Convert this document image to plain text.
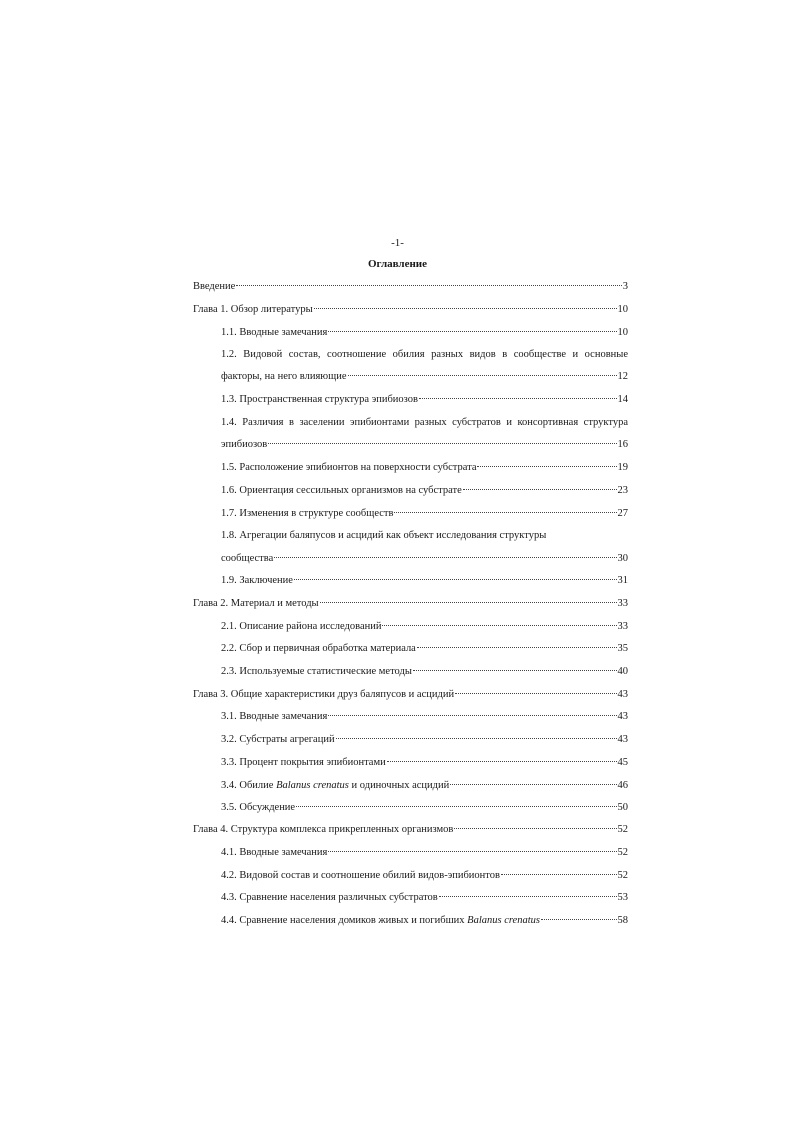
-1-
Оглавление
Введение	3
Глава 1. Обзор литературы	10
1.1. Вводные замечания	10
1.2. Видовой состав, соотношение обилия разных видов в сообществе и основные
факторы, на него влияющие	12
1.3. Пространственная структура эпибиозов	14
1.4. Различия в заселении эпибионтами разных субстратов и консортивная структура
эпибиозов	16
1.5. Расположение эпибионтов на поверхности субстрата	19
1.6. Ориентация сессильных организмов на субстрате	23
1.7. Изменения в структуре сообществ	27
1.8. Агрегации баляпусов и асцидий как объект исследования структуры
сообщества	30
1.9. Заключение	31
Глава 2. Материал и методы	33
2.1. Описание района исследований	33
2.2. Сбор и первичная обработка материала	35
2.3. Используемые статистические методы	40
Глава 3. Общие характеристики друз баляпусов и асцидий	43
3.1. Вводные замечания	43
3.2. Субстраты агрегаций	43
3.3. Процент покрытия эпибионтами	45
3.4. Обилие Balanus crenatus и одиночных асцидий	46
3.5. Обсуждение	50
Глава 4. Структура комплекса прикрепленных организмов	52
4.1. Вводные замечания	52
4.2. Видовой состав и соотношение обилий видов-эпибионтов	52
4.3. Сравнение населения различных субстратов	53
4.4. Сравнение населения домиков живых и погибших Balanus crenatus	58
